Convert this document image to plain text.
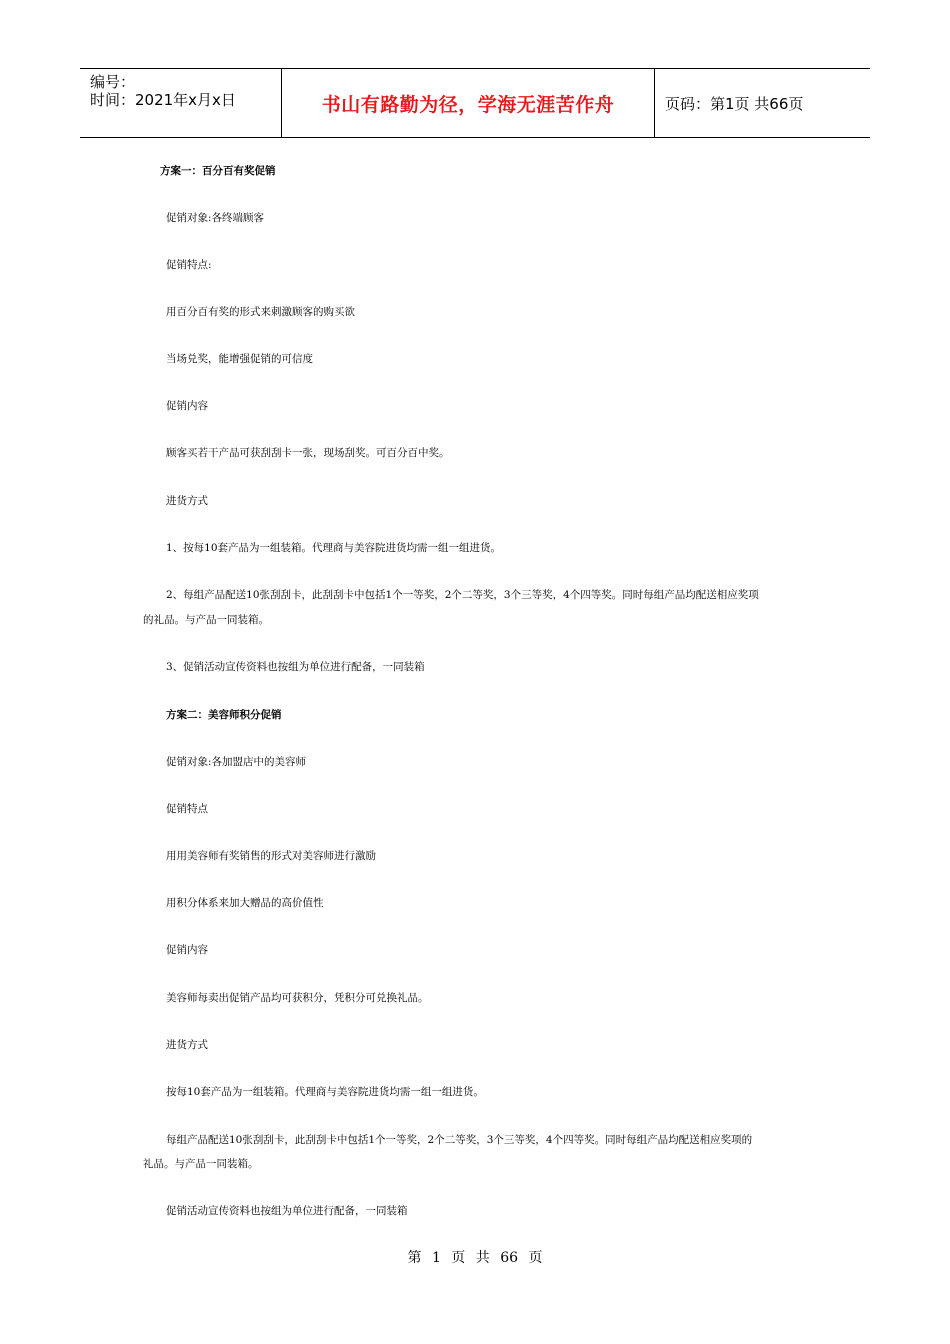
编号：
时间：2021年x月x日	书山有路勤为径，学海无涯苦作舟	页码：第1页 共66页
方案一：百分百有奖促销
促销对象:各终端顾客
促销特点:
用百分百有奖的形式来刺激顾客的购买欲
当场兑奖，能增强促销的可信度
促销内容
顾客买若干产品可获刮刮卡一张，现场刮奖。可百分百中奖。
进货方式
1、按每10套产品为一组装箱。代理商与美容院进货均需一组一组进货。
2、每组产品配送10张刮刮卡，此刮刮卡中包括1个一等奖，2个二等奖，3个三等奖，4个四等奖。同时每组产品均配送相应奖项
的礼品。与产品一同装箱。
3、促销活动宣传资料也按组为单位进行配备，一同装箱
方案二：美容师积分促销
促销对象:各加盟店中的美容师
促销特点
用用美容师有奖销售的形式对美容师进行激励
用积分体系来加大赠品的高价值性
促销内容
美容师每卖出促销产品均可获积分，凭积分可兑换礼品。
进货方式
按每10套产品为一组装箱。代理商与美容院进货均需一组一组进货。
每组产品配送10张刮刮卡，此刮刮卡中包括1个一等奖，2个二等奖，3个三等奖，4个四等奖。同时每组产品均配送相应奖项的
礼品。与产品一同装箱。
促销活动宣传资料也按组为单位进行配备，一同装箱
第 1 页 共 66 页
